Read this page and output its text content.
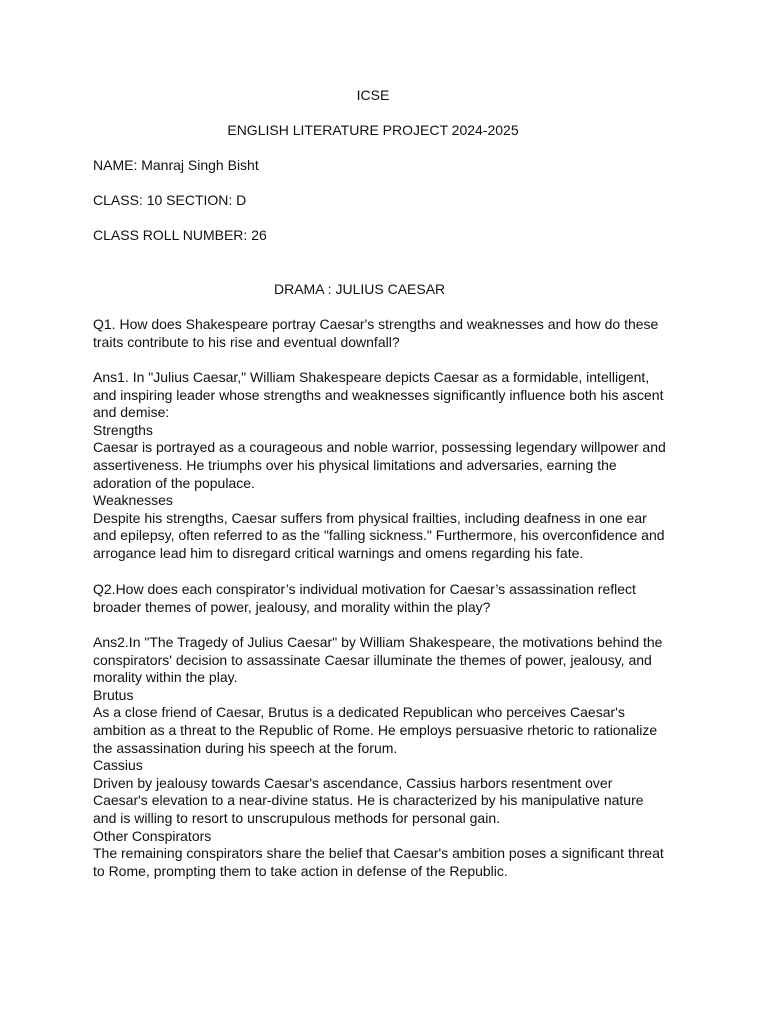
ICSE
ENGLISH LITERATURE PROJECT 2024-2025
NAME: Manraj Singh Bisht
CLASS: 10 SECTION: D
CLASS ROLL NUMBER: 26
DRAMA : JULIUS CAESAR

Q1. How does Shakespeare portray Caesar's strengths and weaknesses and how do these

traits contribute to his rise and eventual downfall?

Ans1. In "Julius Caesar," William Shakespeare depicts Caesar as a formidable, intelligent,

and inspiring leader whose strengths and weaknesses significantly influence both his ascent

and demise:

Strengths

Caesar is portrayed as a courageous and noble warrior, possessing legendary willpower and

assertiveness. He triumphs over his physical limitations and adversaries, earning the

adoration of the populace.

Weaknesses

Despite his strengths, Caesar suffers from physical frailties, including deafness in one ear

and epilepsy, often referred to as the "falling sickness." Furthermore, his overconfidence and

arrogance lead him to disregard critical warnings and omens regarding his fate.

Q2.How does each conspirator’s individual motivation for Caesar’s assassination reflect

broader themes of power, jealousy, and morality within the play?

Ans2.In "The Tragedy of Julius Caesar" by William Shakespeare, the motivations behind the

conspirators' decision to assassinate Caesar illuminate the themes of power, jealousy, and

morality within the play.

Brutus

As a close friend of Caesar, Brutus is a dedicated Republican who perceives Caesar's

ambition as a threat to the Republic of Rome. He employs persuasive rhetoric to rationalize

the assassination during his speech at the forum.

Cassius

Driven by jealousy towards Caesar's ascendance, Cassius harbors resentment over

Caesar's elevation to a near-divine status. He is characterized by his manipulative nature

and is willing to resort to unscrupulous methods for personal gain.

Other Conspirators

The remaining conspirators share the belief that Caesar's ambition poses a significant threat

to Rome, prompting them to take action in defense of the Republic.
